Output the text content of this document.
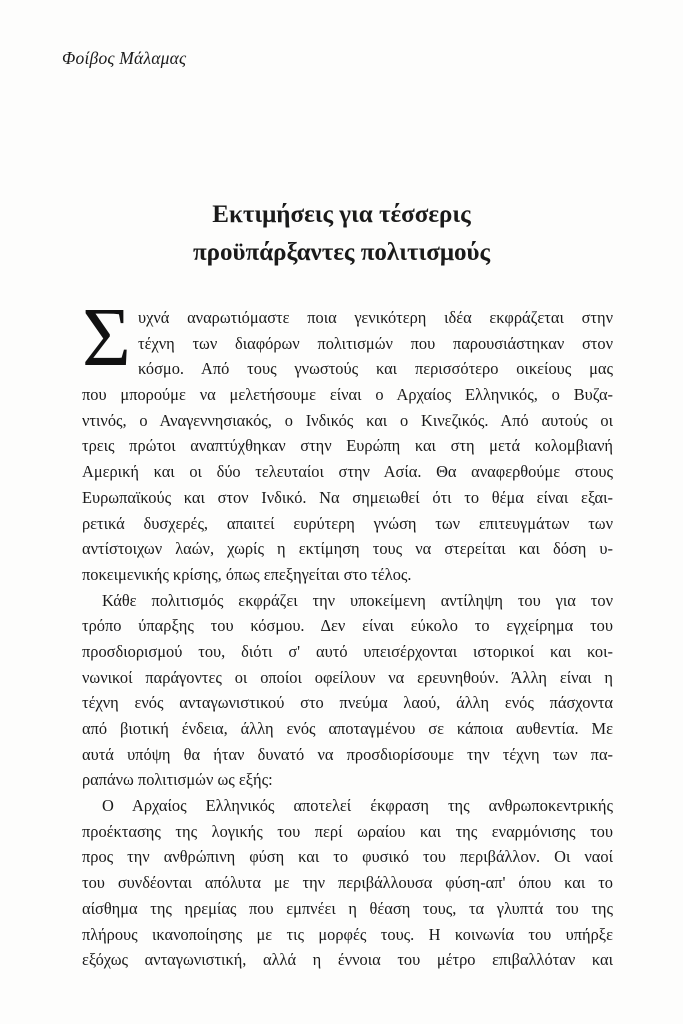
Φοίβος Μάλαμας
Εκτιμήσεις για τέσσερις
προϋπάρξαντες πολιτισμούς
Σ υχνά αναρωτιόμαστε ποια γενικότερη ιδέα εκφράζεται στην
τέχνη των διαφόρων πολιτισμών που παρουσιάστηκαν στον
κόσμο. Από τους γνωστούς και περισσότερο οικείους μας
που μπορούμε να μελετήσουμε είναι ο Αρχαίος Ελληνικός, ο Βυζα-
ντινός, ο Αναγεννησιακός, ο Ινδικός και ο Κινεζικός. Από αυτούς οι
τρεις πρώτοι αναπτύχθηκαν στην Ευρώπη και στη μετά κολομβιανή
Αμερική και οι δύο τελευταίοι στην Ασία. Θα αναφερθούμε στους
Ευρωπαϊκούς και στον Ινδικό. Να σημειωθεί ότι το θέμα είναι εξαι-
ρετικά δυσχερές, απαιτεί ευρύτερη γνώση των επιτευγμάτων των
αντίστοιχων λαών, χωρίς η εκτίμηση τους να στερείται και δόση υ-
ποκειμενικής κρίσης, όπως επεξηγείται στο τέλος.
Κάθε πολιτισμός εκφράζει την υποκείμενη αντίληψη του για τον
τρόπο ύπαρξης του κόσμου. Δεν είναι εύκολο το εγχείρημα του
προσδιορισμού του, διότι σ' αυτό υπεισέρχονται ιστορικοί και κοι-
νωνικοί παράγοντες οι οποίοι οφείλουν να ερευνηθούν. Άλλη είναι η
τέχνη ενός ανταγωνιστικού στο πνεύμα λαού, άλλη ενός πάσχοντα
από βιοτική ένδεια, άλλη ενός αποταγμένου σε κάποια αυθεντία. Με
αυτά υπόψη θα ήταν δυνατό να προσδιορίσουμε την τέχνη των πα-
ραπάνω πολιτισμών ως εξής:
Ο Αρχαίος Ελληνικός αποτελεί έκφραση της ανθρωποκεντρικής
προέκτασης της λογικής του περί ωραίου και της εναρμόνισης του
προς την ανθρώπινη φύση και το φυσικό του περιβάλλον. Οι ναοί
του συνδέονται απόλυτα με την περιβάλλουσα φύση-απ' όπου και το
αίσθημα της ηρεμίας που εμπνέει η θέαση τους, τα γλυπτά του της
πλήρους ικανοποίησης με τις μορφές τους. Η κοινωνία του υπήρξε
εξόχως ανταγωνιστική, αλλά η έννοια του μέτρο επιβαλλόταν και
